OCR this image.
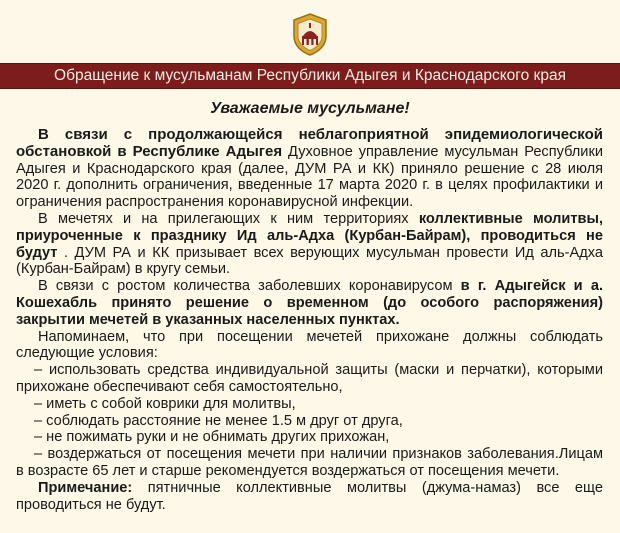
Обращение к мусульманам Республики Адыгея и Краснодарского края
Уважаемые мусульмане!

В связи с продолжающейся неблагоприятной эпидемиологической обстановкой в Республике Адыгея Духовное управление мусульман Республики Адыгея и Краснодарского края (далее, ДУМ РА и КК) приняло решение с 28 июля 2020 г. дополнить ограничения, введенные 17 марта 2020 г. в целях профилактики и ограничения распространения коронавирусной инфекции.

В мечетях и на прилегающих к ним территориях коллективные молитвы, приуроченные к празднику Ид аль-Адха (Курбан-Байрам), проводиться не будут . ДУМ РА и КК призывает всех верующих мусульман провести Ид аль-Адха (Курбан-Байрам) в кругу семьи.

В связи с ростом количества заболевших коронавирусом в г. Адыгейск и а. Кошехабль принято решение о временном (до особого распоряжения) закрытии мечетей в указанных населенных пунктах.

Напоминаем, что при посещении мечетей прихожане должны соблюдать следующие условия:

– использовать средства индивидуальной защиты (маски и перчатки), которыми прихожане обеспечивают себя самостоятельно,

– иметь с собой коврики для молитвы,

– соблюдать расстояние не менее 1.5 м друг от друга,

– не пожимать руки и не обнимать других прихожан,

– воздержаться от посещения мечети при наличии признаков заболевания.Лицам в возрасте 65 лет и старше рекомендуется воздержаться от посещения мечети.

Примечание: пятничные коллективные молитвы (джума-намаз) все еще проводиться не будут.
